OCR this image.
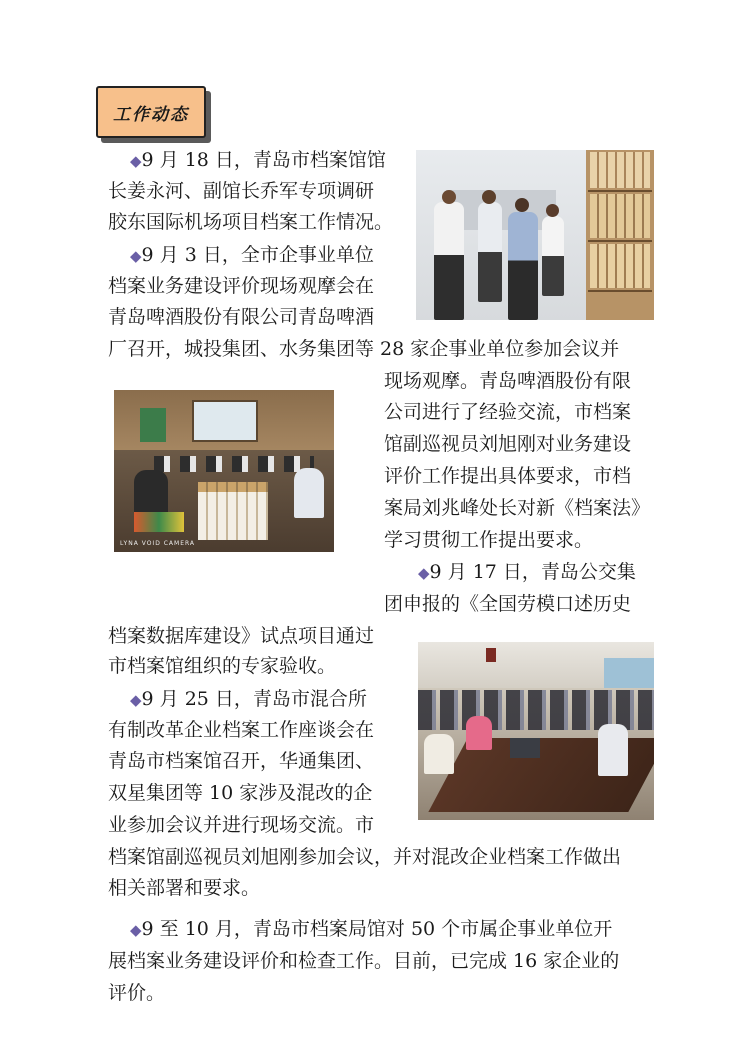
工作动态
◆9 月 18 日，青岛市档案馆馆
长姜永河、副馆长乔军专项调研
胶东国际机场项目档案工作情况。
◆9 月 3 日，全市企事业单位
档案业务建设评价现场观摩会在
青岛啤酒股份有限公司青岛啤酒
厂召开，城投集团、水务集团等 28 家企事业单位参加会议并
现场观摩。青岛啤酒股份有限
公司进行了经验交流，市档案
馆副巡视员刘旭刚对业务建设
评价工作提出具体要求，市档
案局刘兆峰处长对新《档案法》
学习贯彻工作提出要求。
LYNA VOID CAMERA
◆9 月 17 日，青岛公交集
团申报的《全国劳模口述历史
档案数据库建设》试点项目通过
市档案馆组织的专家验收。
◆9 月 25 日，青岛市混合所
有制改革企业档案工作座谈会在
青岛市档案馆召开，华通集团、
双星集团等 10 家涉及混改的企
业参加会议并进行现场交流。市
档案馆副巡视员刘旭刚参加会议，并对混改企业档案工作做出
相关部署和要求。
◆9 至 10 月，青岛市档案局馆对 50 个市属企事业单位开
展档案业务建设评价和检查工作。目前，已完成 16 家企业的
评价。
